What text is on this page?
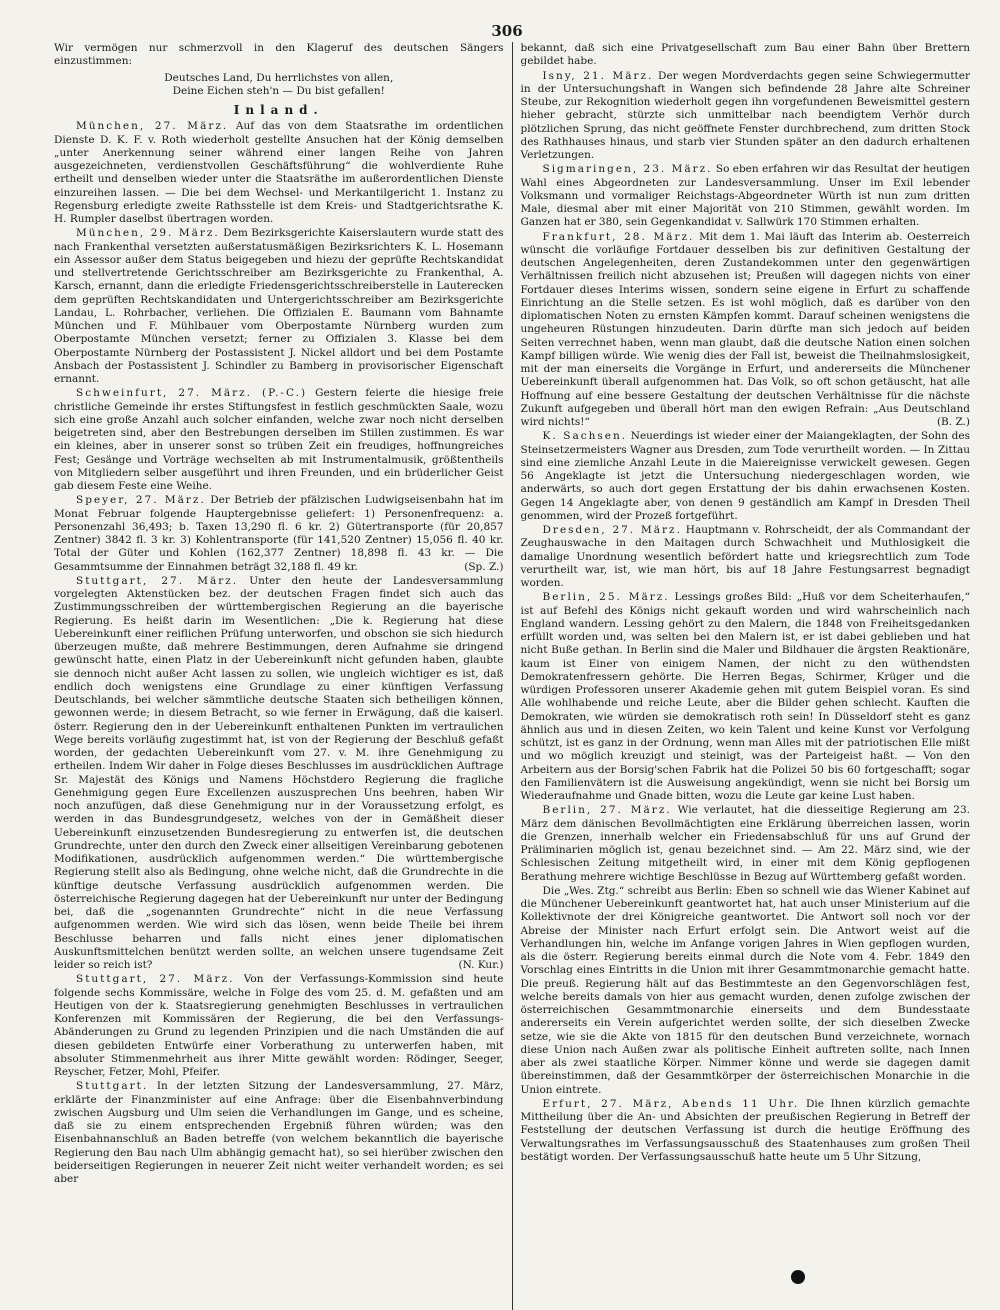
306

Wir vermögen nur schmerzvoll in den Klageruf des deutschen Sängers einzustimmen:

Deutsches Land, Du herrlichstes von allen,
Deine Eichen steh'n — Du bist gefallen!
Inland.

München, 27. März. Auf das von dem Staatsrathe im ordentlichen Dienste D. K. F. v. Roth wiederholt gestellte Ansuchen hat der König demselben „unter Anerkennung seiner während einer langen Reihe von Jahren ausgezeichneten, verdienstvollen Geschäftsführung“ die wohlverdiente Ruhe ertheilt und denselben wieder unter die Staatsräthe im außerordentlichen Dienste einzureihen lassen. — Die bei dem Wechsel- und Merkantilgericht 1. Instanz zu Regensburg erledigte zweite Rathsstelle ist dem Kreis- und Stadtgerichtsrathe K. H. Rumpler daselbst übertragen worden.

München, 29. März. Dem Bezirksgerichte Kaiserslautern wurde statt des nach Frankenthal versetzten außerstatusmäßigen Bezirksrichters K. L. Hosemann ein Assessor außer dem Status beigegeben und hiezu der geprüfte Rechtskandidat und stellvertretende Gerichtsschreiber am Bezirksgerichte zu Frankenthal, A. Karsch, ernannt, dann die erledigte Friedensgerichtsschreiberstelle in Lauterecken dem geprüften Rechtskandidaten und Untergerichtsschreiber am Bezirksgerichte Landau, L. Rohrbacher, verliehen. Die Offizialen E. Baumann vom Bahnamte München und F. Mühlbauer vom Oberpostamte Nürnberg wurden zum Oberpostamte München versetzt; ferner zu Offizialen 3. Klasse bei dem Oberpostamte Nürnberg der Postassistent J. Nickel alldort und bei dem Postamte Ansbach der Postassistent J. Schindler zu Bamberg in provisorischer Eigenschaft ernannt.

Schweinfurt, 27. März. (P.-C.) Gestern feierte die hiesige freie christliche Gemeinde ihr erstes Stiftungsfest in festlich geschmückten Saale, wozu sich eine große Anzahl auch solcher einfanden, welche zwar noch nicht derselben beigetreten sind, aber den Bestrebungen derselben im Stillen zustimmen. Es war ein kleines, aber in unserer sonst so trüben Zeit ein freudiges, hoffnungreiches Fest; Gesänge und Vorträge wechselten ab mit Instrumentalmusik, größtentheils von Mitgliedern selber ausgeführt und ihren Freunden, und ein brüderlicher Geist gab diesem Feste eine Weihe.

Speyer, 27. März. Der Betrieb der pfälzischen Ludwigseisenbahn hat im Monat Februar folgende Hauptergebnisse geliefert: 1) Personenfrequenz: a. Personenzahl 36,493; b. Taxen 13,290 fl. 6 kr. 2) Gütertransporte (für 20,857 Zentner) 3842 fl. 3 kr. 3) Kohlentransporte (für 141,520 Zentner) 15,056 fl. 40 kr. Total der Güter und Kohlen (162,377 Zentner) 18,898 fl. 43 kr. — Die Gesammtsumme der Einnahmen beträgt 32,188 fl. 49 kr.	(Sp. Z.)

Stuttgart, 27. März. Unter den heute der Landesversammlung vorgelegten Aktenstücken bez. der deutschen Fragen findet sich auch das Zustimmungsschreiben der württembergischen Regierung an die bayerische Regierung. Es heißt darin im Wesentlichen: „Die k. Regierung hat diese Uebereinkunft einer reiflichen Prüfung unterworfen, und obschon sie sich hiedurch überzeugen mußte, daß mehrere Bestimmungen, deren Aufnahme sie dringend gewünscht hatte, einen Platz in der Uebereinkunft nicht gefunden haben, glaubte sie dennoch nicht außer Acht lassen zu sollen, wie ungleich wichtiger es ist, daß endlich doch wenigstens eine Grundlage zu einer künftigen Verfassung Deutschlands, bei welcher sämmtliche deutsche Staaten sich betheiligen können, gewonnen werde; in diesem Betracht, so wie ferner in Erwägung, daß die kaiserl. österr. Regierung den in der Uebereinkunft enthaltenen Punkten im vertraulichen Wege bereits vorläufig zugestimmt hat, ist von der Regierung der Beschluß gefaßt worden, der gedachten Uebereinkunft vom 27. v. M. ihre Genehmigung zu ertheilen. Indem Wir daher in Folge dieses Beschlusses im ausdrücklichen Auftrage Sr. Majestät des Königs und Namens Höchstdero Regierung die fragliche Genehmigung gegen Eure Excellenzen auszusprechen Uns beehren, haben Wir noch anzufügen, daß diese Genehmigung nur in der Voraussetzung erfolgt, es werden in das Bundesgrundgesetz, welches von der in Gemäßheit dieser Uebereinkunft einzusetzenden Bundesregierung zu entwerfen ist, die deutschen Grundrechte, unter den durch den Zweck einer allseitigen Vereinbarung gebotenen Modifikationen, ausdrücklich aufgenommen werden.“ Die württembergische Regierung stellt also als Bedingung, ohne welche nicht, daß die Grundrechte in die künftige deutsche Verfassung ausdrücklich aufgenommen werden. Die österreichische Regierung dagegen hat der Uebereinkunft nur unter der Bedingung bei, daß die „sogenannten Grundrechte“ nicht in die neue Verfassung aufgenommen werden. Wie wird sich das lösen, wenn beide Theile bei ihrem Beschlusse beharren und falls nicht eines jener diplomatischen Auskunftsmittelchen benützt werden sollte, an welchen unsere tugendsame Zeit leider so reich ist?	(N. Kur.)

Stuttgart, 27. März. Von der Verfassungs-Kommission sind heute folgende sechs Kommissäre, welche in Folge des vom 25. d. M. gefaßten und am Heutigen von der k. Staatsregierung genehmigten Beschlusses in vertraulichen Konferenzen mit Kommissären der Regierung, die bei den Verfassungs-Abänderungen zu Grund zu legenden Prinzipien und die nach Umständen die auf diesen gebildeten Entwürfe einer Vorberathung zu unterwerfen haben, mit absoluter Stimmenmehrheit aus ihrer Mitte gewählt worden: Rödinger, Seeger, Reyscher, Fetzer, Mohl, Pfeifer.

Stuttgart. In der letzten Sitzung der Landesversammlung, 27. März, erklärte der Finanzminister auf eine Anfrage: über die Eisenbahnverbindung zwischen Augsburg und Ulm seien die Verhandlungen im Gange, und es scheine, daß sie zu einem entsprechenden Ergebniß führen würden; was den Eisenbahnanschluß an Baden betreffe (von welchem bekanntlich die bayerische Regierung den Bau nach Ulm abhängig gemacht hat), so sei hierüber zwischen den beiderseitigen Regierungen in neuerer Zeit nicht weiter verhandelt worden; es sei aber

bekannt, daß sich eine Privatgesellschaft zum Bau einer Bahn über Brettern gebildet habe.

Isny, 21. März. Der wegen Mordverdachts gegen seine Schwiegermutter in der Untersuchungshaft in Wangen sich befindende 28 Jahre alte Schreiner Steube, zur Rekognition wiederholt gegen ihn vorgefundenen Beweismittel gestern hieher gebracht, stürzte sich unmittelbar nach beendigtem Verhör durch plötzlichen Sprung, das nicht geöffnete Fenster durchbrechend, zum dritten Stock des Rathhauses hinaus, und starb vier Stunden später an den dadurch erhaltenen Verletzungen.

Sigmaringen, 23. März. So eben erfahren wir das Resultat der heutigen Wahl eines Abgeordneten zur Landesversammlung. Unser im Exil lebender Volksmann und vormaliger Reichstags-Abgeordneter Würth ist nun zum dritten Male, diesmal aber mit einer Majorität von 210 Stimmen, gewählt worden. Im Ganzen hat er 380, sein Gegenkandidat v. Sallwürk 170 Stimmen erhalten.

Frankfurt, 28. März. Mit dem 1. Mai läuft das Interim ab. Oesterreich wünscht die vorläufige Fortdauer desselben bis zur definitiven Gestaltung der deutschen Angelegenheiten, deren Zustandekommen unter den gegenwärtigen Verhältnissen freilich nicht abzusehen ist; Preußen will dagegen nichts von einer Fortdauer dieses Interims wissen, sondern seine eigene in Erfurt zu schaffende Einrichtung an die Stelle setzen. Es ist wohl möglich, daß es darüber von den diplomatischen Noten zu ernsten Kämpfen kommt. Darauf scheinen wenigstens die ungeheuren Rüstungen hinzudeuten. Darin dürfte man sich jedoch auf beiden Seiten verrechnet haben, wenn man glaubt, daß die deutsche Nation einen solchen Kampf billigen würde. Wie wenig dies der Fall ist, beweist die Theilnahmslosigkeit, mit der man einerseits die Vorgänge in Erfurt, und andererseits die Münchener Uebereinkunft überall aufgenommen hat. Das Volk, so oft schon getäuscht, hat alle Hoffnung auf eine bessere Gestaltung der deutschen Verhältnisse für die nächste Zukunft aufgegeben und überall hört man den ewigen Refrain: „Aus Deutschland wird nichts!“	(B. Z.)

K. Sachsen. Neuerdings ist wieder einer der Maiangeklagten, der Sohn des Steinsetzermeisters Wagner aus Dresden, zum Tode verurtheilt worden. — In Zittau sind eine ziemliche Anzahl Leute in die Maiereignisse verwickelt gewesen. Gegen 56 Angeklagte ist jetzt die Untersuchung niedergeschlagen worden, wie anderwärts, so auch dort gegen Erstattung der bis dahin erwachsenen Kosten. Gegen 14 Angeklagte aber, von denen 9 geständlich am Kampf in Dresden Theil genommen, wird der Prozeß fortgeführt.

Dresden, 27. März. Hauptmann v. Rohrscheidt, der als Commandant der Zeughauswache in den Maitagen durch Schwachheit und Muthlosigkeit die damalige Unordnung wesentlich befördert hatte und kriegsrechtlich zum Tode verurtheilt war, ist, wie man hört, bis auf 18 Jahre Festungsarrest begnadigt worden.

Berlin, 25. März. Lessings großes Bild: „Huß vor dem Scheiterhaufen,“ ist auf Befehl des Königs nicht gekauft worden und wird wahrscheinlich nach England wandern. Lessing gehört zu den Malern, die 1848 von Freiheitsgedanken erfüllt worden und, was selten bei den Malern ist, er ist dabei geblieben und hat nicht Buße gethan. In Berlin sind die Maler und Bildhauer die ärgsten Reaktionäre, kaum ist Einer von einigem Namen, der nicht zu den wüthendsten Demokratenfressern gehörte. Die Herren Begas, Schirmer, Krüger und die würdigen Professoren unserer Akademie gehen mit gutem Beispiel voran. Es sind Alle wohlhabende und reiche Leute, aber die Bilder gehen schlecht. Kauften die Demokraten, wie würden sie demokratisch roth sein! In Düsseldorf steht es ganz ähnlich aus und in diesen Zeiten, wo kein Talent und keine Kunst vor Verfolgung schützt, ist es ganz in der Ordnung, wenn man Alles mit der patriotischen Elle mißt und wo möglich kreuzigt und steinigt, was der Parteigeist haßt. — Von den Arbeitern aus der Borsig'schen Fabrik hat die Polizei 50 bis 60 fortgeschafft; sogar den Familienvätern ist die Ausweisung angekündigt, wenn sie nicht bei Borsig um Wiederaufnahme und Gnade bitten, wozu die Leute gar keine Lust haben.

Berlin, 27. März. Wie verlautet, hat die diesseitige Regierung am 23. März dem dänischen Bevollmächtigten eine Erklärung überreichen lassen, worin die Grenzen, innerhalb welcher ein Friedensabschluß für uns auf Grund der Präliminarien möglich ist, genau bezeichnet sind. — Am 22. März sind, wie der Schlesischen Zeitung mitgetheilt wird, in einer mit dem König gepflogenen Berathung mehrere wichtige Beschlüsse in Bezug auf Württemberg gefaßt worden.

Die „Wes. Ztg.“ schreibt aus Berlin: Eben so schnell wie das Wiener Kabinet auf die Münchener Uebereinkunft geantwortet hat, hat auch unser Ministerium auf die Kollektivnote der drei Königreiche geantwortet. Die Antwort soll noch vor der Abreise der Minister nach Erfurt erfolgt sein. Die Antwort weist auf die Verhandlungen hin, welche im Anfange vorigen Jahres in Wien gepflogen wurden, als die österr. Regierung bereits einmal durch die Note vom 4. Febr. 1849 den Vorschlag eines Eintritts in die Union mit ihrer Gesammtmonarchie gemacht hatte. Die preuß. Regierung hält auf das Bestimmteste an den Gegenvorschlägen fest, welche bereits damals von hier aus gemacht wurden, denen zufolge zwischen der österreichischen Gesammtmonarchie einerseits und dem Bundesstaate andererseits ein Verein aufgerichtet werden sollte, der sich dieselben Zwecke setze, wie sie die Akte von 1815 für den deutschen Bund verzeichnete, wornach diese Union nach Außen zwar als politische Einheit auftreten sollte, nach Innen aber als zwei staatliche Körper. Nimmer könne und werde sie dagegen damit übereinstimmen, daß der Gesammtkörper der österreichischen Monarchie in die Union eintrete.

Erfurt, 27. März, Abends 11 Uhr. Die Ihnen kürzlich gemachte Mittheilung über die An- und Absichten der preußischen Regierung in Betreff der Feststellung der deutschen Verfassung ist durch die heutige Eröffnung des Verwaltungsrathes im Verfassungsausschuß des Staatenhauses zum großen Theil bestätigt worden. Der Verfassungsausschuß hatte heute um 5 Uhr Sitzung,
